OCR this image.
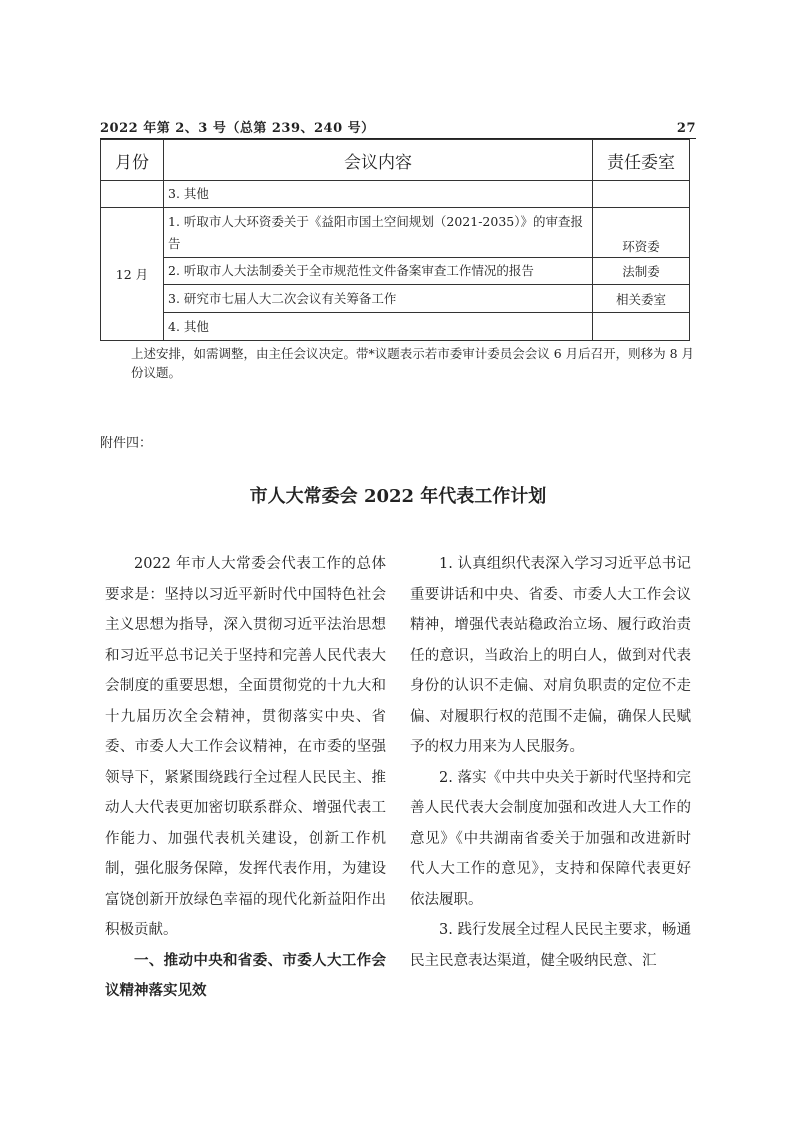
2022 年第 2、3 号（总第 239、240 号）	27
月份	会议内容	责任委室
	3. 其他	
12 月	1. 听取市人大环资委关于《益阳市国土空间规划（2021-2035）》的审查报告	环资委
	2. 听取市人大法制委关于全市规范性文件备案审查工作情况的报告	法制委
	3. 研究市七届人大二次会议有关筹备工作	相关委室
	4. 其他	
上述安排，如需调整，由主任会议决定。带*议题表示若市委审计委员会会议 6 月后召开，则移为 8 月份议题。
附件四：
市人大常委会 2022 年代表工作计划

2022 年市人大常委会代表工作的总体要求是：坚持以习近平新时代中国特色社会主义思想为指导，深入贯彻习近平法治思想和习近平总书记关于坚持和完善人民代表大会制度的重要思想，全面贯彻党的十九大和十九届历次全会精神，贯彻落实中央、省委、市委人大工作会议精神，在市委的坚强领导下，紧紧围绕践行全过程人民民主、推动人大代表更加密切联系群众、增强代表工作能力、加强代表机关建设，创新工作机制，强化服务保障，发挥代表作用，为建设富饶创新开放绿色幸福的现代化新益阳作出积极贡献。

一、推动中央和省委、市委人大工作会议精神落实见效

1. 认真组织代表深入学习习近平总书记重要讲话和中央、省委、市委人大工作会议精神，增强代表站稳政治立场、履行政治责任的意识，当政治上的明白人，做到对代表身份的认识不走偏、对肩负职责的定位不走偏、对履职行权的范围不走偏，确保人民赋予的权力用来为人民服务。

2. 落实《中共中央关于新时代坚持和完善人民代表大会制度加强和改进人大工作的意见》《中共湖南省委关于加强和改进新时代人大工作的意见》，支持和保障代表更好依法履职。

3. 践行发展全过程人民民主要求，畅通民主民意表达渠道，健全吸纳民意、汇
